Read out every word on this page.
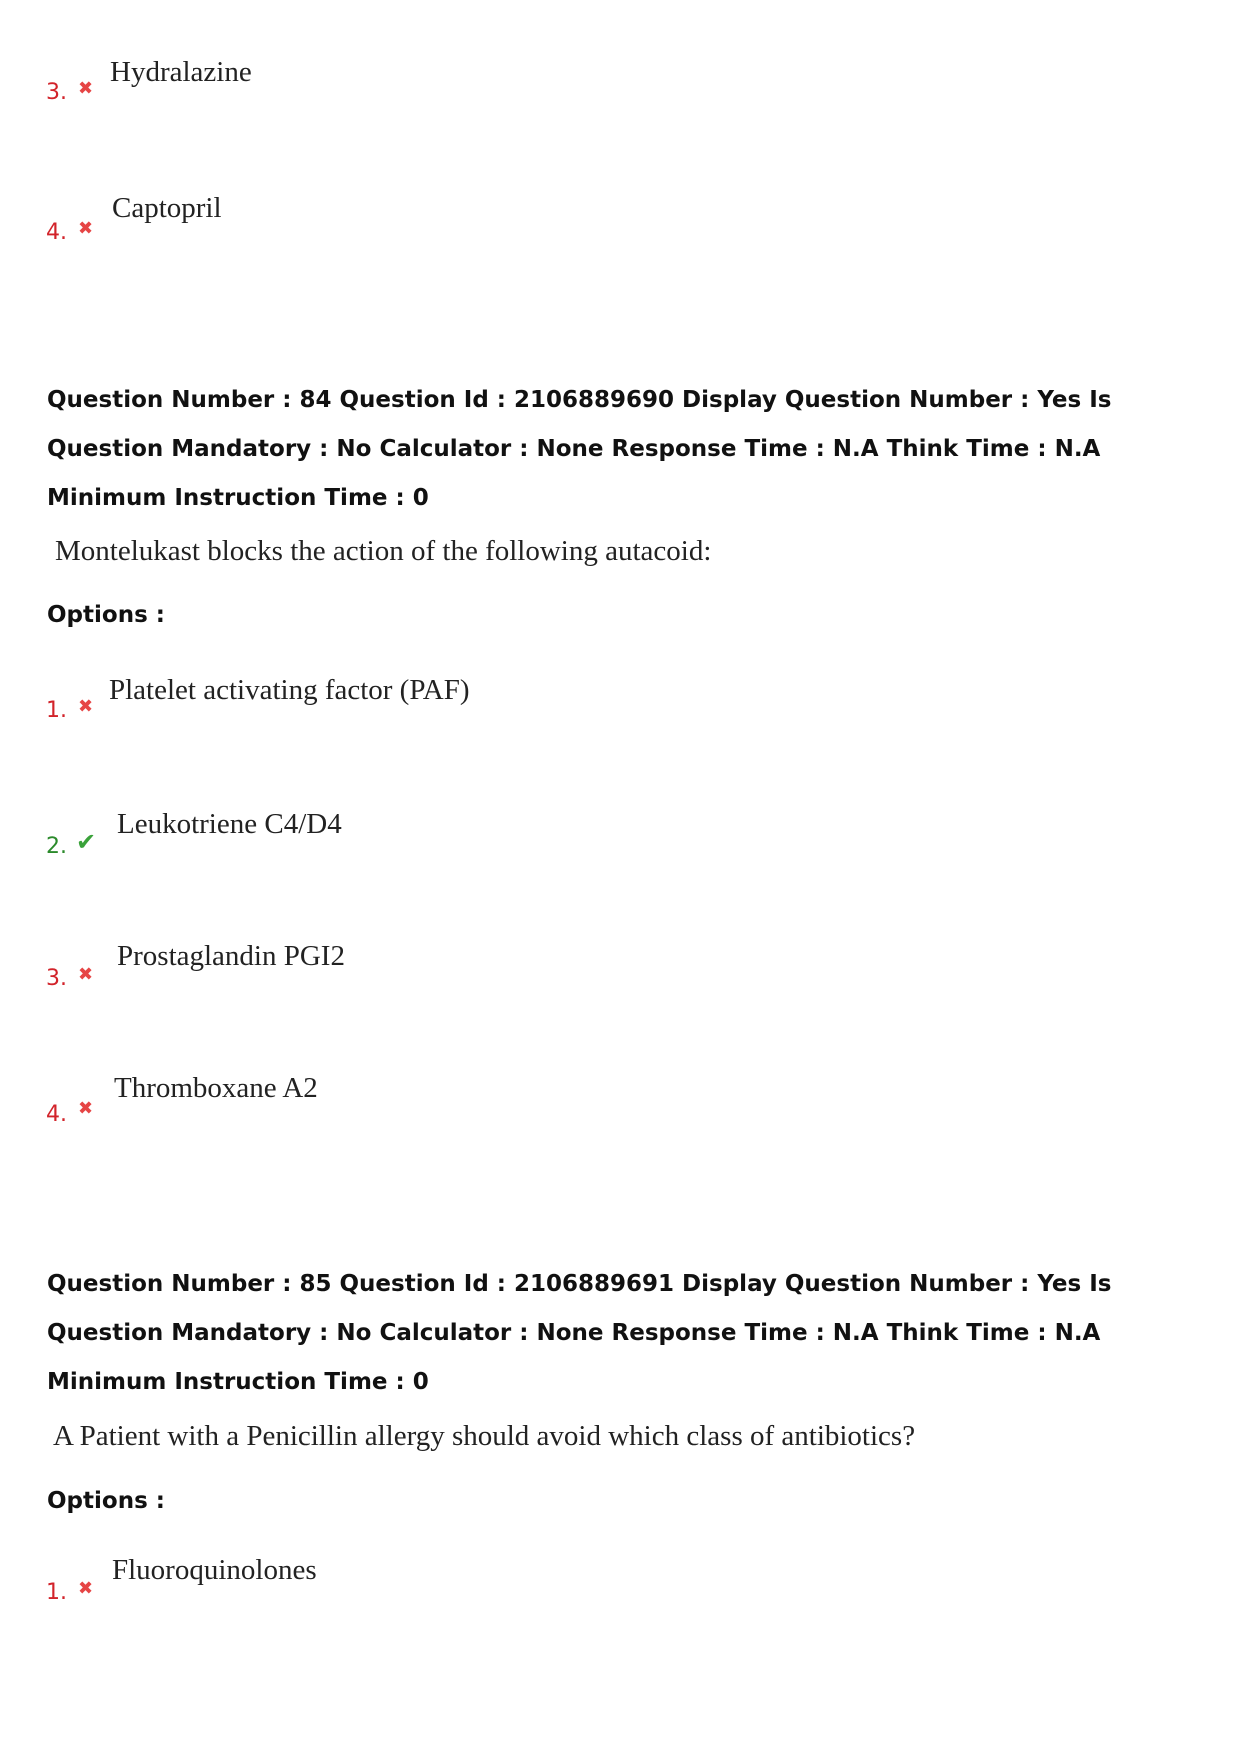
3. ✖
Hydralazine
4. ✖
Captopril
Question Number : 84 Question Id : 2106889690 Display Question Number : Yes Is Question Mandatory : No Calculator : None Response Time : N.A Think Time : N.A Minimum Instruction Time : 0
Montelukast blocks the action of the following autacoid:
Options :
1. ✖
Platelet activating factor (PAF)
2. ✔
Leukotriene C4/D4
3. ✖
Prostaglandin PGI2
4. ✖
Thromboxane A2
Question Number : 85 Question Id : 2106889691 Display Question Number : Yes Is Question Mandatory : No Calculator : None Response Time : N.A Think Time : N.A Minimum Instruction Time : 0
A Patient with a Penicillin allergy should avoid which class of antibiotics?
Options :
1. ✖
Fluoroquinolones
